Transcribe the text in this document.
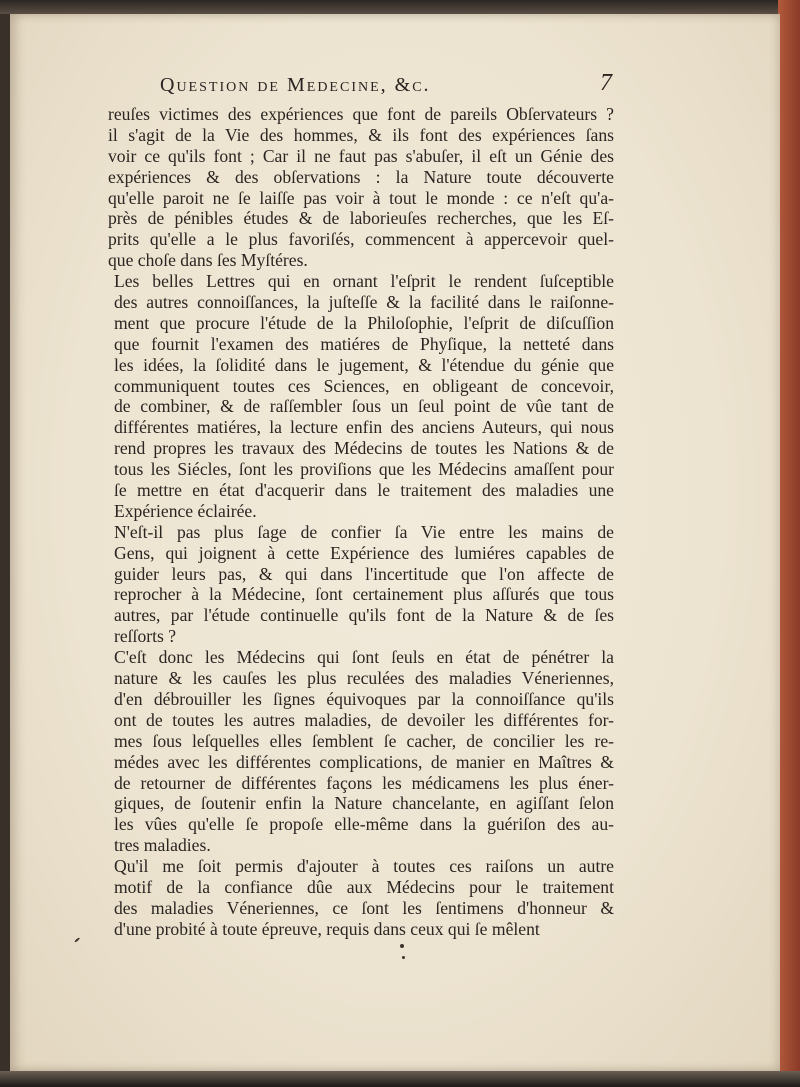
Question de Medecine, &c.	7
reuſes victimes des expériences que font de pareils Obſervateurs ?
il s'agit de la Vie des hommes, & ils font des expériences ſans
voir ce qu'ils font ; Car il ne faut pas s'abuſer, il eſt un Génie des
expériences & des obſervations : la Nature toute découverte
qu'elle paroit ne ſe laiſſe pas voir à tout le monde : ce n'eſt qu'a-
près de pénibles études & de laborieuſes recherches, que les Eſ-
prits qu'elle a le plus favoriſés, commencent à appercevoir quel-
que choſe dans ſes Myſtéres.
Les belles Lettres qui en ornant l'eſprit le rendent ſuſceptible
des autres connoiſſances, la juſteſſe & la facilité dans le raiſonne-
ment que procure l'étude de la Philoſophie, l'eſprit de diſcuſſion
que fournit l'examen des matiéres de Phyſique, la netteté dans
les idées, la ſolidité dans le jugement, & l'étendue du génie que
communiquent toutes ces Sciences, en obligeant de concevoir,
de combiner, & de raſſembler ſous un ſeul point de vûe tant de
différentes matiéres, la lecture enfin des anciens Auteurs, qui nous
rend propres les travaux des Médecins de toutes les Nations & de
tous les Siécles, ſont les proviſions que les Médecins amaſſent pour
ſe mettre en état d'acquerir dans le traitement des maladies une
Expérience éclairée.
N'eſt-il pas plus ſage de confier ſa Vie entre les mains de
Gens, qui joignent à cette Expérience des lumiéres capables de
guider leurs pas, & qui dans l'incertitude que l'on affecte de
reprocher à la Médecine, ſont certainement plus aſſurés que tous
autres, par l'étude continuelle qu'ils font de la Nature & de ſes
reſſorts ?
C'eſt donc les Médecins qui ſont ſeuls en état de pénétrer la
nature & les cauſes les plus reculées des maladies Véneriennes,
d'en débrouiller les ſignes équivoques par la connoiſſance qu'ils
ont de toutes les autres maladies, de devoiler les différentes for-
mes ſous leſquelles elles ſemblent ſe cacher, de concilier les re-
médes avec les différentes complications, de manier en Maîtres &
de retourner de différentes façons les médicamens les plus éner-
giques, de ſoutenir enfin la Nature chancelante, en agiſſant ſelon
les vûes qu'elle ſe propoſe elle-même dans la guériſon des au-
tres maladies.
Qu'il me ſoit permis d'ajouter à toutes ces raiſons un autre
motif de la confiance dûe aux Médecins pour le traitement
des maladies Véneriennes, ce ſont les ſentimens d'honneur &
d'une probité à toute épreuve, requis dans ceux qui ſe mêlent
